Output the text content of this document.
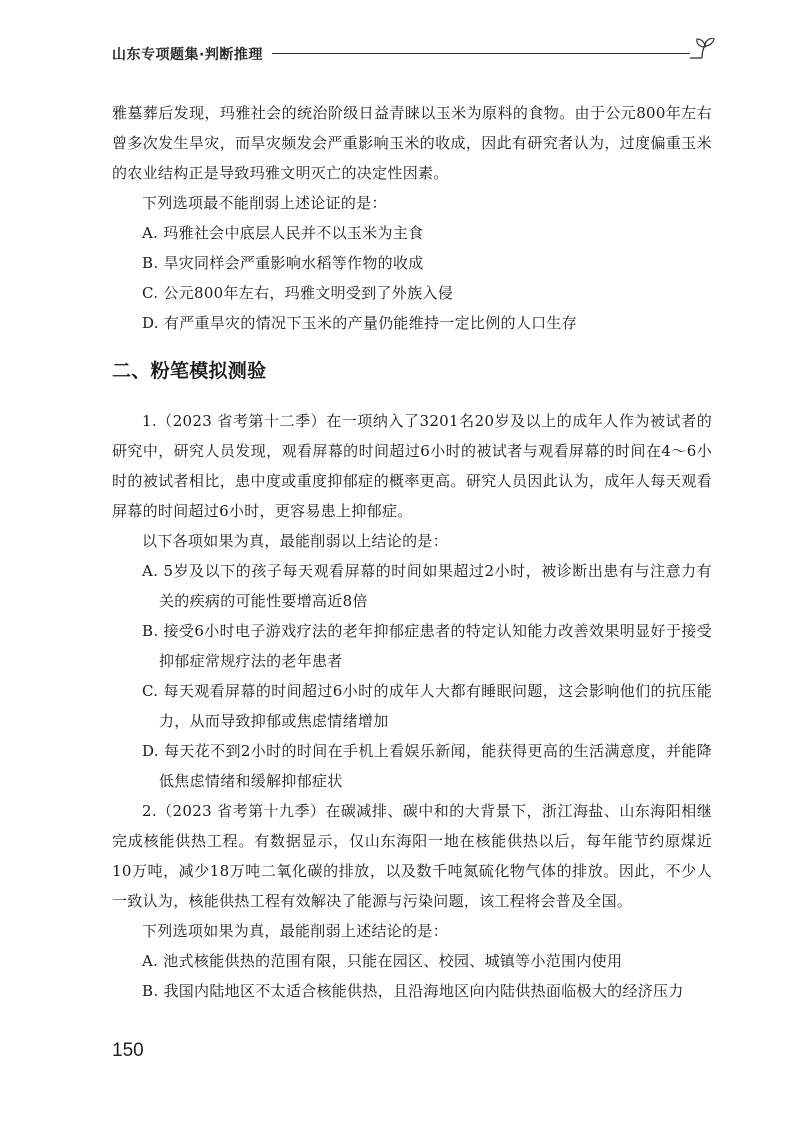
山东专项题集·判断推理

雅墓葬后发现，玛雅社会的统治阶级日益青睐以玉米为原料的食物。由于公元800年左右曾多次发生旱灾，而旱灾频发会严重影响玉米的收成，因此有研究者认为，过度偏重玉米的农业结构正是导致玛雅文明灭亡的决定性因素。

下列选项最不能削弱上述论证的是：

A. 玛雅社会中底层人民并不以玉米为主食

B. 旱灾同样会严重影响水稻等作物的收成

C. 公元800年左右，玛雅文明受到了外族入侵

D. 有严重旱灾的情况下玉米的产量仍能维持一定比例的人口生存

二、粉笔模拟测验

1.（2023 省考第十二季）在一项纳入了3201名20岁及以上的成年人作为被试者的研究中，研究人员发现，观看屏幕的时间超过6小时的被试者与观看屏幕的时间在4～6小时的被试者相比，患中度或重度抑郁症的概率更高。研究人员因此认为，成年人每天观看屏幕的时间超过6小时，更容易患上抑郁症。

以下各项如果为真，最能削弱以上结论的是：

A. 5岁及以下的孩子每天观看屏幕的时间如果超过2小时，被诊断出患有与注意力有关的疾病的可能性要增高近8倍

B. 接受6小时电子游戏疗法的老年抑郁症患者的特定认知能力改善效果明显好于接受抑郁症常规疗法的老年患者

C. 每天观看屏幕的时间超过6小时的成年人大都有睡眠问题，这会影响他们的抗压能力，从而导致抑郁或焦虑情绪增加

D. 每天花不到2小时的时间在手机上看娱乐新闻，能获得更高的生活满意度，并能降低焦虑情绪和缓解抑郁症状

2.（2023 省考第十九季）在碳减排、碳中和的大背景下，浙江海盐、山东海阳相继完成核能供热工程。有数据显示，仅山东海阳一地在核能供热以后，每年能节约原煤近10万吨，减少18万吨二氧化碳的排放，以及数千吨氮硫化物气体的排放。因此，不少人一致认为，核能供热工程有效解决了能源与污染问题，该工程将会普及全国。

下列选项如果为真，最能削弱上述结论的是：

A. 池式核能供热的范围有限，只能在园区、校园、城镇等小范围内使用

B. 我国内陆地区不太适合核能供热，且沿海地区向内陆供热面临极大的经济压力

150
